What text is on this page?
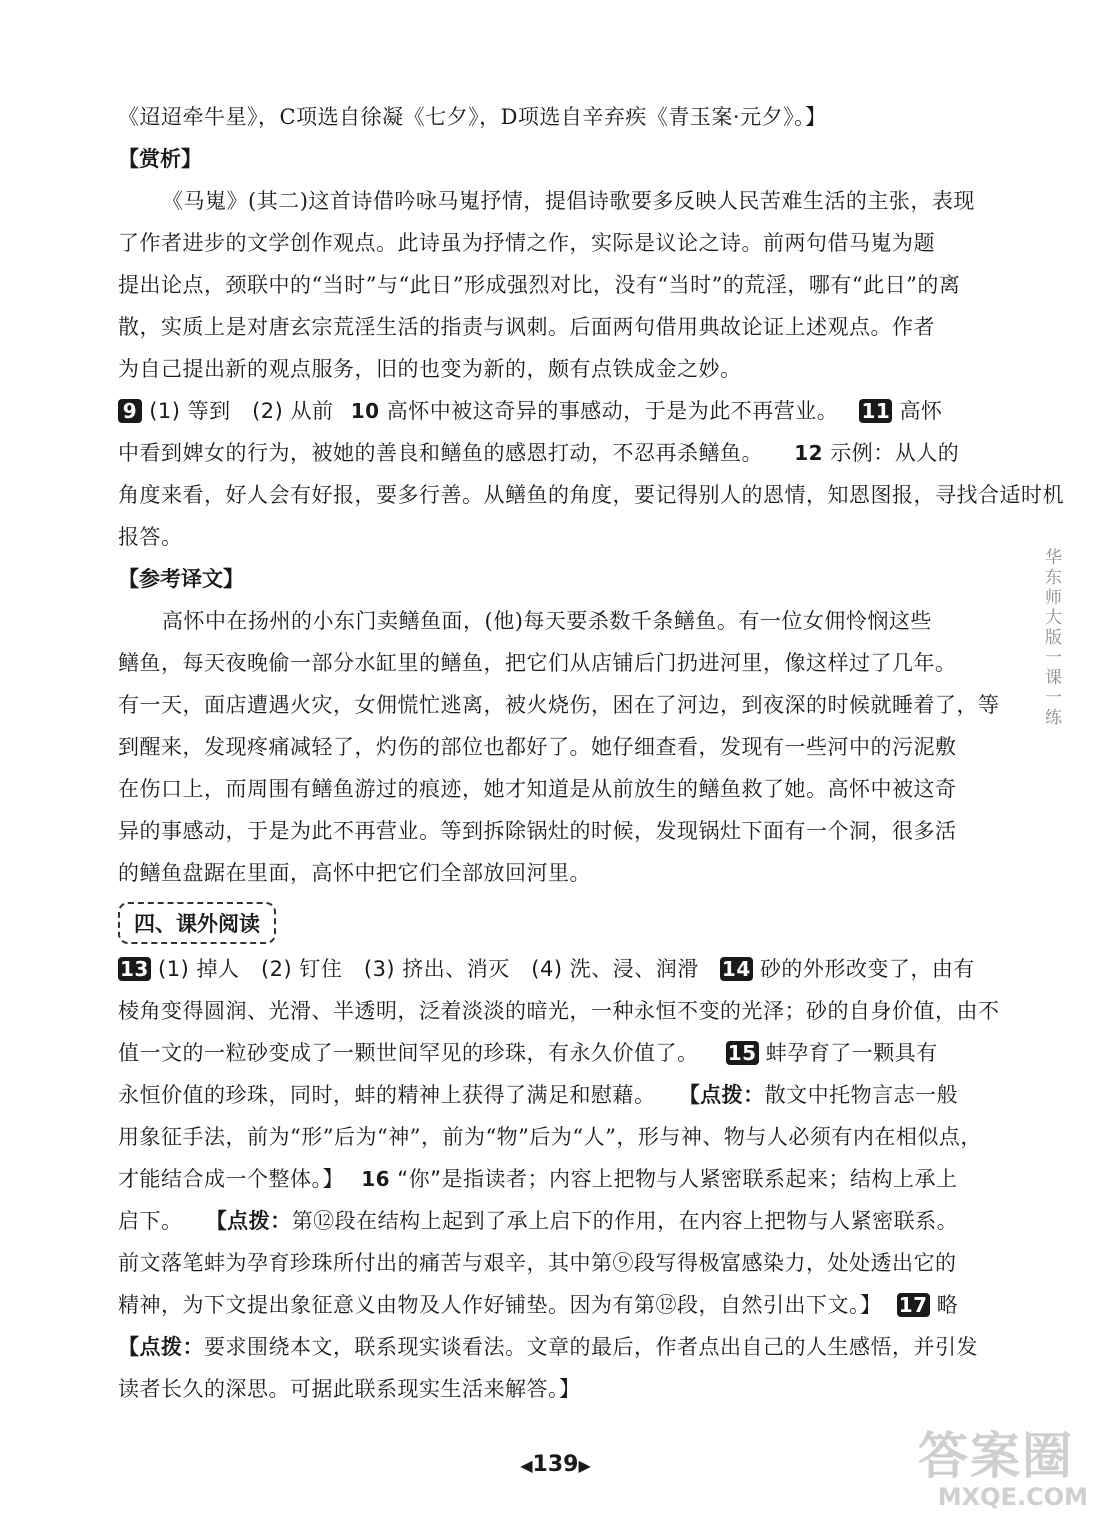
《迢迢牵牛星》，C项选自徐凝《七夕》，D项选自辛弃疾《青玉案·元夕》。】
【赏析】
《马嵬》(其二)这首诗借吟咏马嵬抒情，提倡诗歌要多反映人民苦难生活的主张，表现
了作者进步的文学创作观点。此诗虽为抒情之作，实际是议论之诗。前两句借马嵬为题
提出论点，颈联中的“当时”与“此日”形成强烈对比，没有“当时”的荒淫，哪有“此日”的离
散，实质上是对唐玄宗荒淫生活的指责与讽刺。后面两句借用典故论证上述观点。作者
为自己提出新的观点服务，旧的也变为新的，颇有点铁成金之妙。
9 (1) 等到　(2) 从前 10 高怀中被这奇异的事感动，于是为此不再营业。 11 高怀
中看到婢女的行为，被她的善良和鳝鱼的感恩打动，不忍再杀鳝鱼。 12 示例：从人的
角度来看，好人会有好报，要多行善。从鳝鱼的角度，要记得别人的恩情，知恩图报，寻找合适时机
报答。
【参考译文】
高怀中在扬州的小东门卖鳝鱼面，(他)每天要杀数千条鳝鱼。有一位女佣怜悯这些
鳝鱼，每天夜晚偷一部分水缸里的鳝鱼，把它们从店铺后门扔进河里，像这样过了几年。
有一天，面店遭遇火灾，女佣慌忙逃离，被火烧伤，困在了河边，到夜深的时候就睡着了，等
到醒来，发现疼痛减轻了，灼伤的部位也都好了。她仔细查看，发现有一些河中的污泥敷
在伤口上，而周围有鳝鱼游过的痕迹，她才知道是从前放生的鳝鱼救了她。高怀中被这奇
异的事感动，于是为此不再营业。等到拆除锅灶的时候，发现锅灶下面有一个洞，很多活
的鳝鱼盘踞在里面，高怀中把它们全部放回河里。
四、课外阅读
13 (1) 掉人　(2) 钉住　(3) 挤出、消灭　(4) 洗、浸、润滑 14 砂的外形改变了，由有
棱角变得圆润、光滑、半透明，泛着淡淡的暗光，一种永恒不变的光泽；砂的自身价值，由不
值一文的一粒砂变成了一颗世间罕见的珍珠，有永久价值了。 15 蚌孕育了一颗具有
永恒价值的珍珠，同时，蚌的精神上获得了满足和慰藉。 【点拨：散文中托物言志一般
用象征手法，前为“形”后为“神”，前为“物”后为“人”，形与神、物与人必须有内在相似点，
才能结合成一个整体。】 16 “你”是指读者；内容上把物与人紧密联系起来；结构上承上
启下。 【点拨：第⑫段在结构上起到了承上启下的作用，在内容上把物与人紧密联系。
前文落笔蚌为孕育珍珠所付出的痛苦与艰辛，其中第⑨段写得极富感染力，处处透出它的
精神，为下文提出象征意义由物及人作好铺垫。因为有第⑫段，自然引出下文。】 17 略
【点拨：要求围绕本文，联系现实谈看法。文章的最后，作者点出自己的人生感悟，并引发
读者长久的深思。可据此联系现实生活来解答。】
华东师大版一课一练
◀139▶	答案圈
MXQE.COM
